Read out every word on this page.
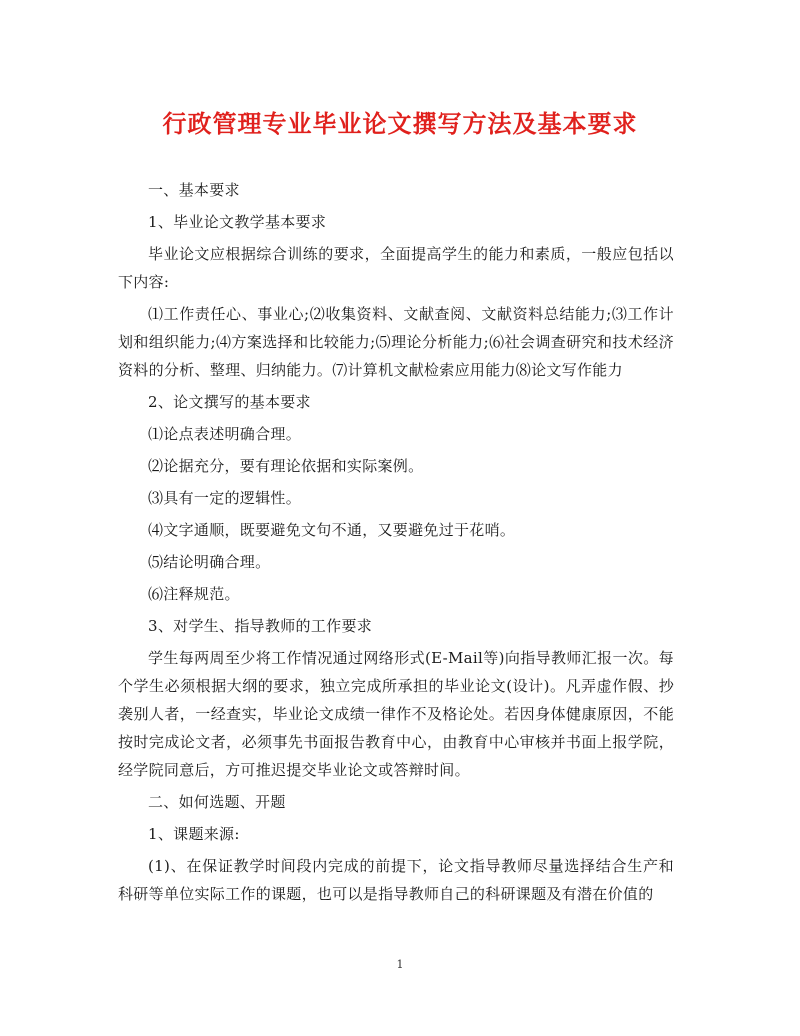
行政管理专业毕业论文撰写方法及基本要求

一、基本要求

1、毕业论文教学基本要求

毕业论文应根据综合训练的要求，全面提高学生的能力和素质，一般应包括以下内容:

⑴工作责任心、事业心;⑵收集资料、文献查阅、文献资料总结能力;⑶工作计划和组织能力;⑷方案选择和比较能力;⑸理论分析能力;⑹社会调查研究和技术经济资料的分析、整理、归纳能力。⑺计算机文献检索应用能力⑻论文写作能力

2、论文撰写的基本要求

⑴论点表述明确合理。

⑵论据充分，要有理论依据和实际案例。

⑶具有一定的逻辑性。

⑷文字通顺，既要避免文句不通，又要避免过于花哨。

⑸结论明确合理。

⑹注释规范。

3、对学生、指导教师的工作要求

学生每两周至少将工作情况通过网络形式(E-Mail等)向指导教师汇报一次。每个学生必须根据大纲的要求，独立完成所承担的毕业论文(设计)。凡弄虚作假、抄袭别人者，一经查实，毕业论文成绩一律作不及格论处。若因身体健康原因，不能按时完成论文者，必须事先书面报告教育中心，由教育中心审核并书面上报学院，经学院同意后，方可推迟提交毕业论文或答辩时间。

二、如何选题、开题

1、课题来源:

(1)、在保证教学时间段内完成的前提下，论文指导教师尽量选择结合生产和科研等单位实际工作的课题，也可以是指导教师自己的科研课题及有潜在价值的

1
